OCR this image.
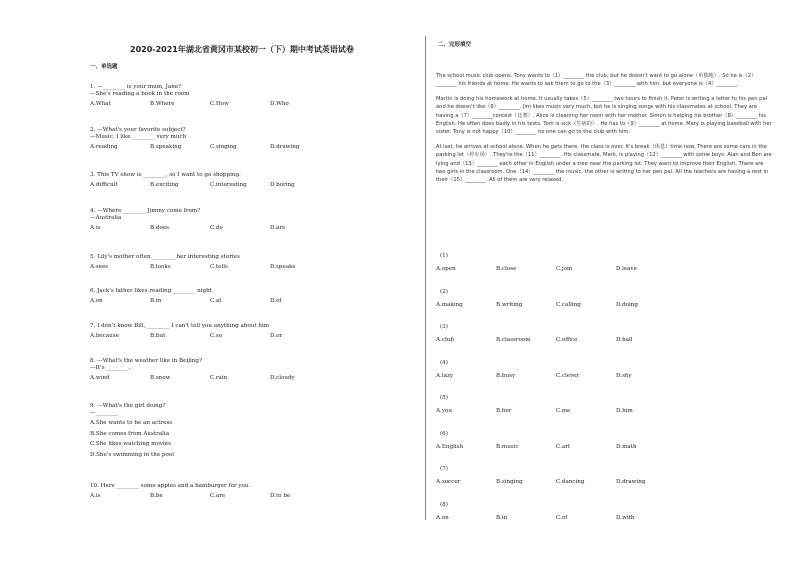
2020-2021年湖北省黄冈市某校初一（下）期中考试英语试卷
一、单选题
1. —________ is your mum, Jane?
—She's reading a book in the room
A.What	B.Where	C.How	D.Who
2. —What's your favorite subject?
—Music. I like ________ very much
A.reading	B.speaking	C.singing	D.drawing
3. This TV show is ________, so I want to go shopping.
A.difficult	B.exciting	C.interesting	D.boring
4. —Where ________ Jimmy come from?
—Australia
A.is	B.does	C.do	D.are
5. Lily's mother often ________ her interesting stories
A.sees	B.looks	C.tells	D.speaks
6. Jack's father likes reading ________ night
A.on	B.in	C.at	D.of
7. I don't know Bill, ________ I can't tell you anything about him
A.because	B.but	C.so	D.or
8. —What's the weather like in Beijing?
—It's ________.
A.wind	B.snow	C.rain	D.cloudy
9. —What's the girl doing?
—________
A.She wants to be an actress
B.She comes from Australia
C.She likes watching movies
D.She's swimming in the pool
10. Here ________ some apples and a hamburger for you.
A.is	B.be	C.are	D.to be
二、完形填空

The school music club opens. Tony wants to（1）________ the club, but he doesn't want to go alone（单独地）. So he is（2）________ his friends at home. He wants to ask them to go to the（3）________ with him, but everyone is（4）________.

Martin is doing his homework at home. It usually takes（5）________ two hours to finish it. Peter is writing a letter to his pen pal and he doesn't like（6）________. Jim likes music very much, but he is singing songs with his classmates at school. They are having a（7）________contest（比赛）. Alice is cleaning her room with her mother. Simon is helping his brother（8）________ his English. He often does badly in his tests. Tom is sick（生病的）. He has to（9）________ at home. Mary is playing baseball with her sister. Tony is not happy（10）________ no one can go to the club with him.

At last, he arrives at school alone. When he gets there, the class is over. It's break（休息）time now. There are some cars in the parking lot（停车场）. They're the（11）________. His classmate, Mark, is playing（12）________ with some boys. Alan and Ben are lying and（13）________ each other in English under a tree near the parking lot. They want to improve their English. There are two girls in the classroom. One（14）________ the music, the other is writing to her pen pal. All the teachers are having a rest in their（15）________. All of them are very relaxed.

(1)
A.open	B.close	C.join	D.leave
(2)
A.making	B.writing	C.calling	D.doing
(3)
A.club	B.classroom	C.office	D.hall
(4)
A.lazy	B.busy	C.clever	D.shy
(5)
A.you	B.her	C.me	D.him
(6)
A.English	B.music	C.art	D.math
(7)
A.soccer	B.singing	C.dancing	D.drawing
(8)
A.on	B.in	C.of	D.with
